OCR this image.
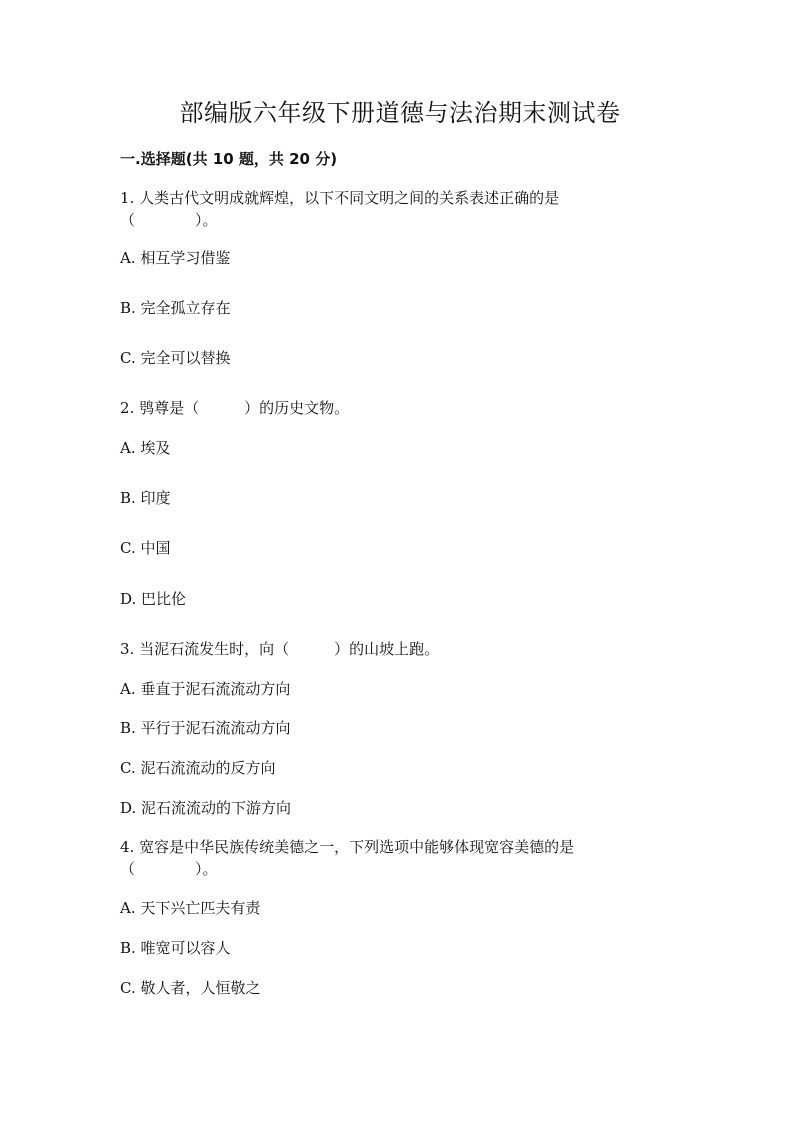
部编版六年级下册道德与法治期末测试卷
一.选择题(共 10 题，共 20 分)
1. 人类古代文明成就辉煌，以下不同文明之间的关系表述正确的是
（　　　　）。
A. 相互学习借鉴
B. 完全孤立存在
C. 完全可以替换
2. 鸮尊是（　　　）的历史文物。
A. 埃及
B. 印度
C. 中国
D. 巴比伦
3. 当泥石流发生时，向（　　　）的山坡上跑。
A. 垂直于泥石流流动方向
B. 平行于泥石流流动方向
C. 泥石流流动的反方向
D. 泥石流流动的下游方向
4. 宽容是中华民族传统美德之一，下列选项中能够体现宽容美德的是
（　　　　）。
A. 天下兴亡匹夫有责
B. 唯宽可以容人
C. 敬人者，人恒敬之
